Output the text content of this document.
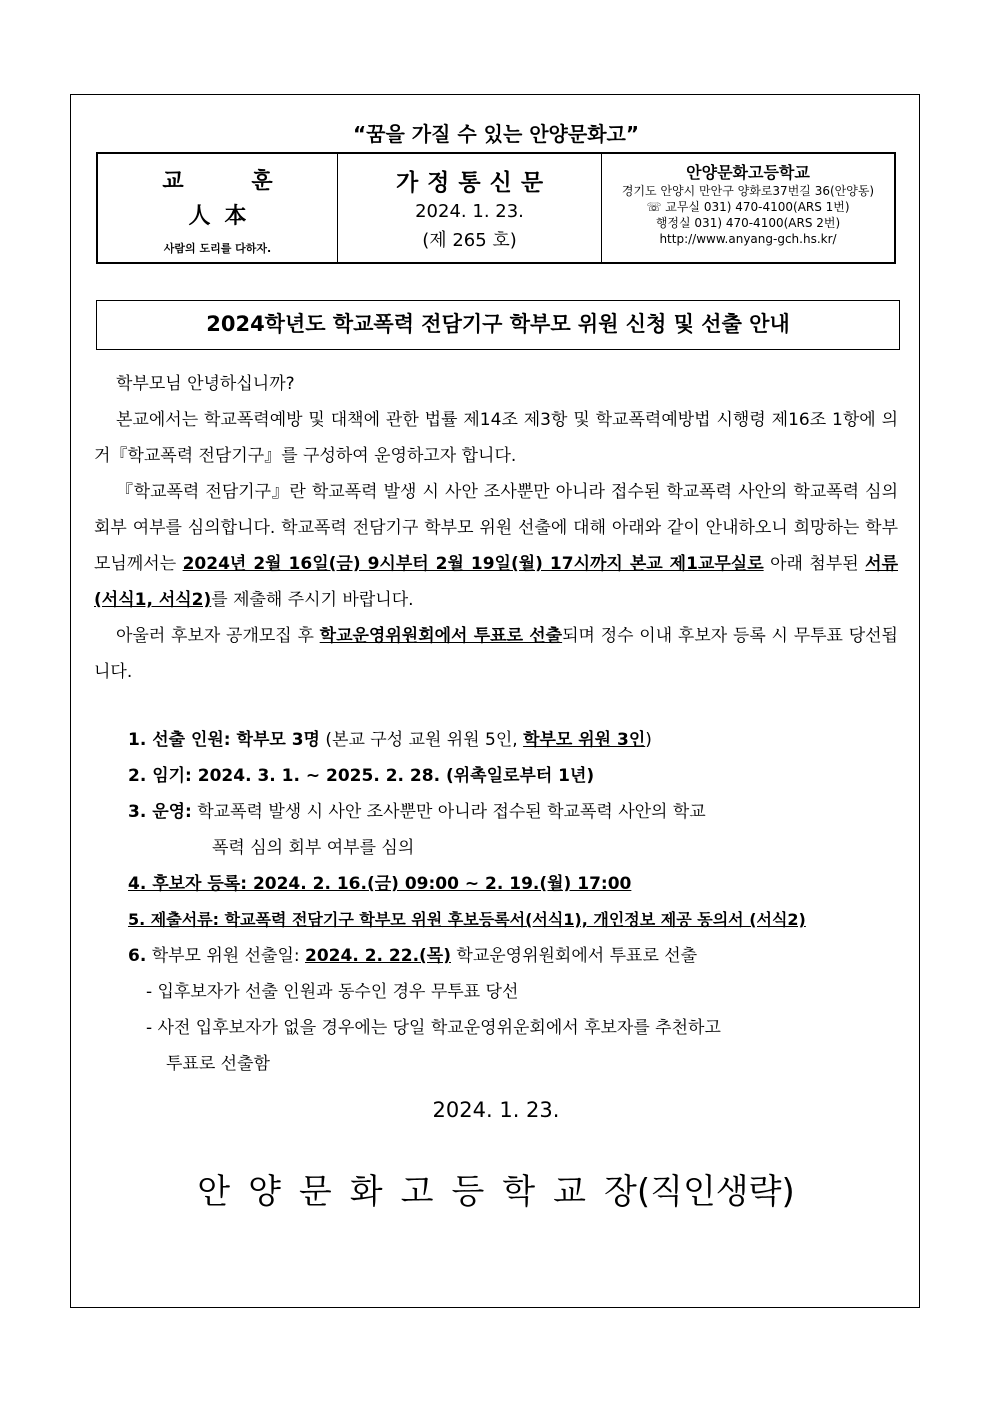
“꿈을 가질 수 있는 안양문화고”
교 훈
人本
사람의 도리를 다하자.
가정통신문
2024. 1. 23.
(제 265 호)
안양문화고등학교
경기도 안양시 만안구 양화로37번길 36(안양동)
☏ 교무실 031) 470-4100(ARS 1번)
행정실 031) 470-4100(ARS 2번)
http://www.anyang-gch.hs.kr/
2024학년도 학교폭력 전담기구 학부모 위원 신청 및 선출 안내

학부모님 안녕하십니까?

본교에서는 학교폭력예방 및 대책에 관한 법률 제14조 제3항 및 학교폭력예방법 시행령 제16조 1항에 의거『학교폭력 전담기구』를 구성하여 운영하고자 합니다.

『학교폭력 전담기구』란 학교폭력 발생 시 사안 조사뿐만 아니라 접수된 학교폭력 사안의 학교폭력 심의 회부 여부를 심의합니다. 학교폭력 전담기구 학부모 위원 선출에 대해 아래와 같이 안내하오니 희망하는 학부모님께서는 2024년 2월 16일(금) 9시부터 2월 19일(월) 17시까지 본교 제1교무실로 아래 첨부된 서류(서식1, 서식2)를 제출해 주시기 바랍니다.

아울러 후보자 공개모집 후 학교운영위원회에서 투표로 선출되며 정수 이내 후보자 등록 시 무투표 당선됩니다.

1. 선출 인원: 학부모 3명 (본교 구성 교원 위원 5인, 학부모 위원 3인)

2. 임기: 2024. 3. 1. ~ 2025. 2. 28. (위촉일로부터 1년)

3. 운영: 학교폭력 발생 시 사안 조사뿐만 아니라 접수된 학교폭력 사안의 학교

폭력 심의 회부 여부를 심의

4. 후보자 등록: 2024. 2. 16.(금) 09:00 ~ 2. 19.(월) 17:00

5. 제출서류: 학교폭력 전담기구 학부모 위원 후보등록서(서식1), 개인정보 제공 동의서 (서식2)

6. 학부모 위원 선출일: 2024. 2. 22.(목) 학교운영위원회에서 투표로 선출

- 입후보자가 선출 인원과 동수인 경우 무투표 당선

- 사전 입후보자가 없을 경우에는 당일 학교운영위운회에서 후보자를 추천하고

투표로 선출함

2024. 1. 23.
안양문화고등학교장(직인생략)
